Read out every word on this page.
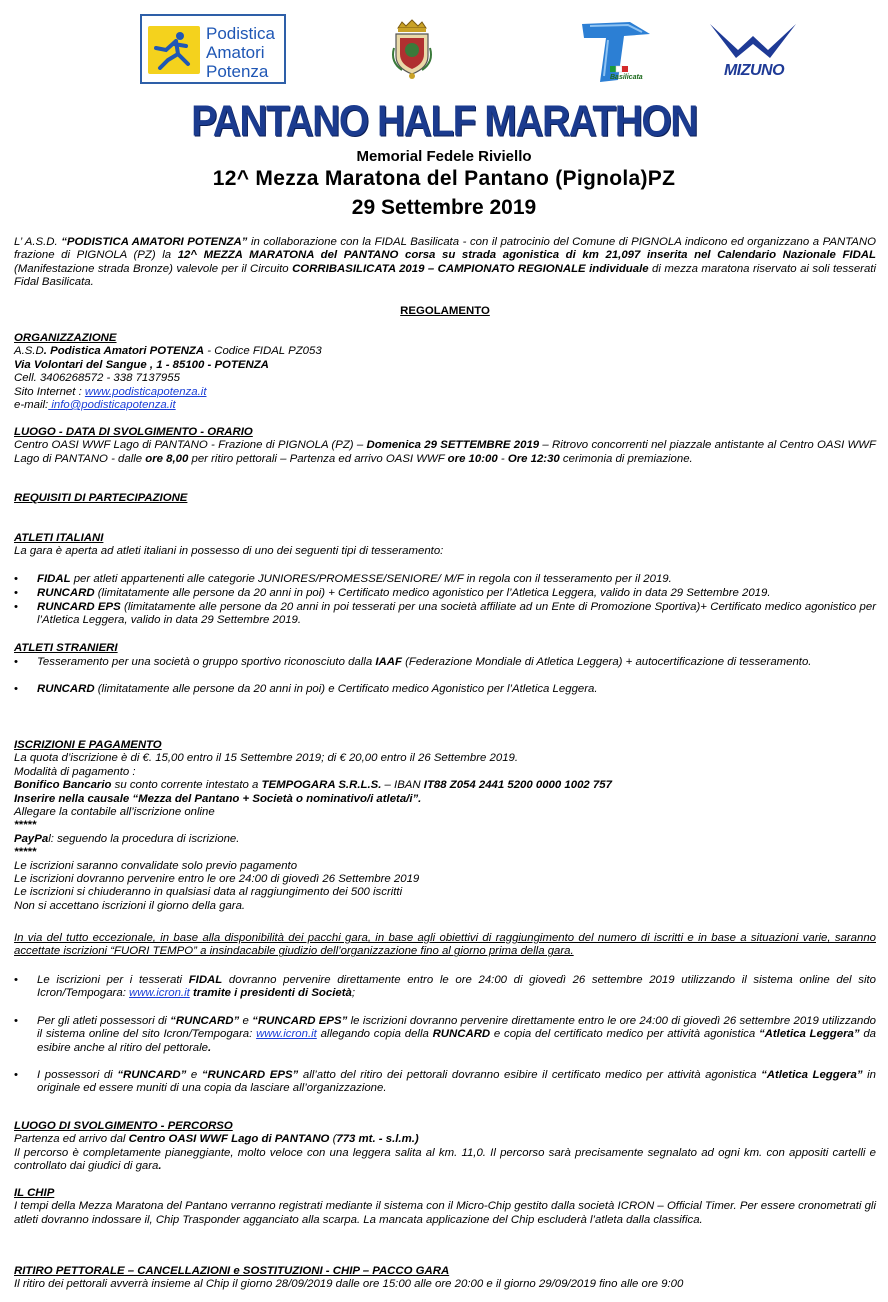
Podistica
Amatori
Potenza	Basilicata	MIZUNO
PANTANO HALF MARATHON
Memorial Fedele Riviello
12^ Mezza Maratona del Pantano (Pignola)PZ
29 Settembre 2019
L’ A.S.D. “PODISTICA AMATORI POTENZA” in collaborazione con la FIDAL Basilicata - con il patrocinio del Comune di PIGNOLA indicono ed organizzano a PANTANO frazione di PIGNOLA (PZ) la 12^ MEZZA MARATONA del PANTANO corsa su strada agonistica di km 21,097 inserita nel Calendario Nazionale FIDAL (Manifestazione strada Bronze) valevole per il Circuito CORRIBASILICATA 2019 – CAMPIONATO REGIONALE individuale di mezza maratona riservato ai soli tesserati Fidal Basilicata.
REGOLAMENTO
ORGANIZZAZIONE
A.S.D. Podistica Amatori POTENZA - Codice FIDAL PZ053
Via Volontari del Sangue , 1 - 85100 - POTENZA
Cell. 3406268572 - 338 7137955
Sito Internet : www.podisticapotenza.it
e-mail: info@podisticapotenza.it
LUOGO - DATA DI SVOLGIMENTO - ORARIO
Centro OASI WWF Lago di PANTANO - Frazione di PIGNOLA (PZ) – Domenica 29 SETTEMBRE 2019 – Ritrovo concorrenti nel piazzale antistante al Centro OASI WWF Lago di PANTANO - dalle ore 8,00 per ritiro pettorali – Partenza ed arrivo OASI WWF ore 10:00 - Ore 12:30 cerimonia di premiazione.
REQUISITI DI PARTECIPAZIONE
ATLETI ITALIANI
La gara è aperta ad atleti italiani in possesso di uno dei seguenti tipi di tesseramento:
• FIDAL per atleti appartenenti alle categorie JUNIORES/PROMESSE/SENIORE/ M/F in regola con il tesseramento per il 2019.
• RUNCARD (limitatamente alle persone da 20 anni in poi) + Certificato medico agonistico per l’Atletica Leggera, valido in data 29 Settembre 2019.
• RUNCARD EPS (limitatamente alle persone da 20 anni in poi tesserati per una società affiliate ad un Ente di Promozione Sportiva)+ Certificato medico agonistico per l’Atletica Leggera, valido in data 29 Settembre 2019.
ATLETI STRANIERI
• Tesseramento per una società o gruppo sportivo riconosciuto dalla IAAF (Federazione Mondiale di Atletica Leggera) + autocertificazione di tesseramento.
• RUNCARD (limitatamente alle persone da 20 anni in poi) e Certificato medico Agonistico per l’Atletica Leggera.
ISCRIZIONI E PAGAMENTO
La quota d’iscrizione è di €. 15,00 entro il 15 Settembre 2019; di € 20,00 entro il 26 Settembre 2019.
Modalità di pagamento :
Bonifico Bancario su conto corrente intestato a TEMPOGARA S.R.L.S. – IBAN IT88 Z054 2441 5200 0000 1002 757
Inserire nella causale “Mezza del Pantano + Società o nominativo/i atleta/i”.
Allegare la contabile all’iscrizione online
*****
PayPal: seguendo la procedura di iscrizione.
*****
Le iscrizioni saranno convalidate solo previo pagamento
Le iscrizioni dovranno pervenire entro le ore 24:00 di giovedì 26 Settembre 2019
Le iscrizioni si chiuderanno in qualsiasi data al raggiungimento dei 500 iscritti
Non si accettano iscrizioni il giorno della gara.
In via del tutto eccezionale, in base alla disponibilità dei pacchi gara, in base agli obiettivi di raggiungimento del numero di iscritti e in base a situazioni varie, saranno accettate iscrizioni “FUORI TEMPO” a insindacabile giudizio dell’organizzazione fino al giorno prima della gara.
• Le iscrizioni per i tesserati FIDAL dovranno pervenire direttamente entro le ore 24:00 di giovedì 26 settembre 2019 utilizzando il sistema online del sito Icron/Tempogara: www.icron.it tramite i presidenti di Società;
• Per gli atleti possessori di “RUNCARD” e “RUNCARD EPS” le iscrizioni dovranno pervenire direttamente entro le ore 24:00 di giovedì 26 settembre 2019 utilizzando il sistema online del sito Icron/Tempogara: www.icron.it allegando copia della RUNCARD e copia del certificato medico per attività agonistica “Atletica Leggera” da esibire anche al ritiro del pettorale.
• I possessori di “RUNCARD” e “RUNCARD EPS” all’atto del ritiro dei pettorali dovranno esibire il certificato medico per attività agonistica “Atletica Leggera” in originale ed essere muniti di una copia da lasciare all’organizzazione.
LUOGO DI SVOLGIMENTO - PERCORSO
Partenza ed arrivo dal Centro OASI WWF Lago di PANTANO (773 mt. - s.l.m.)
Il percorso è completamente pianeggiante, molto veloce con una leggera salita al km. 11,0. Il percorso sarà precisamente segnalato ad ogni km. con appositi cartelli e controllato dai giudici di gara.
IL CHIP
I tempi della Mezza Maratona del Pantano verranno registrati mediante il sistema con il Micro-Chip gestito dalla società ICRON – Official Timer. Per essere cronometrati gli atleti dovranno indossare il, Chip Trasponder agganciato alla scarpa. La mancata applicazione del Chip escluderà l’atleta dalla classifica.
RITIRO PETTORALE – CANCELLAZIONI e SOSTITUZIONI - CHIP – PACCO GARA
Il ritiro dei pettorali avverrà insieme al Chip il giorno 28/09/2019 dalle ore 15:00 alle ore 20:00 e il giorno 29/09/2019 fino alle ore 9:00
